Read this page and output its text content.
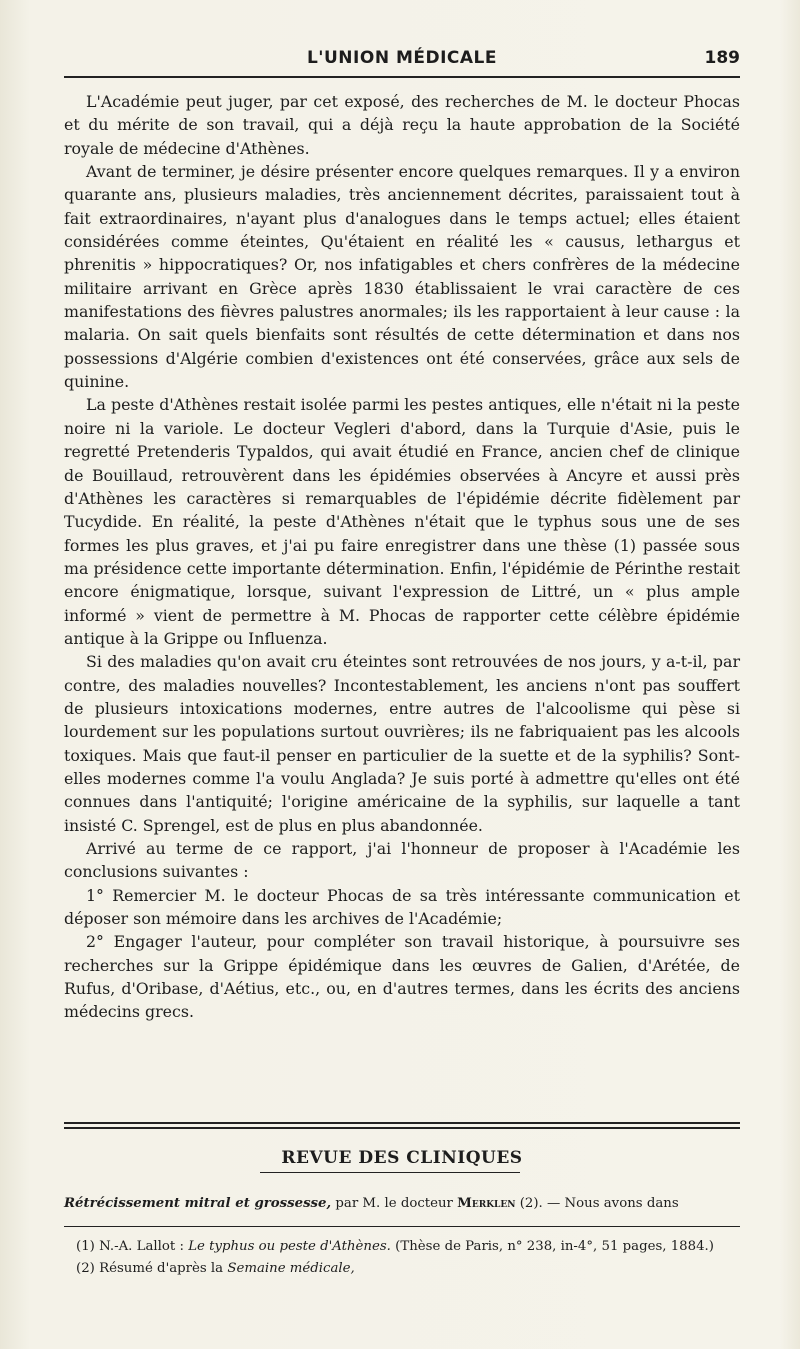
L'UNION MÉDICALE	189

L'Académie peut juger, par cet exposé, des recherches de M. le docteur Phocas et du mérite de son travail, qui a déjà reçu la haute approbation de la Société royale de médecine d'Athènes.

Avant de terminer, je désire présenter encore quelques remarques. Il y a environ quarante ans, plusieurs maladies, très anciennement décrites, paraissaient tout à fait extraordinaires, n'ayant plus d'analogues dans le temps actuel; elles étaient considérées comme éteintes, Qu'étaient en réalité les « causus, lethargus et phrenitis » hippocratiques? Or, nos infatigables et chers confrères de la médecine militaire arrivant en Grèce après 1830 établissaient le vrai caractère de ces manifestations des fièvres palustres anormales; ils les rapportaient à leur cause : la malaria. On sait quels bienfaits sont résultés de cette détermination et dans nos possessions d'Algérie combien d'existences ont été conservées, grâce aux sels de quinine.

La peste d'Athènes restait isolée parmi les pestes antiques, elle n'était ni la peste noire ni la variole. Le docteur Vegleri d'abord, dans la Turquie d'Asie, puis le regretté Pretenderis Typaldos, qui avait étudié en France, ancien chef de clinique de Bouillaud, retrouvèrent dans les épidémies observées à Ancyre et aussi près d'Athènes les caractères si remarquables de l'épidémie décrite fidèlement par Tucydide. En réalité, la peste d'Athènes n'était que le typhus sous une de ses formes les plus graves, et j'ai pu faire enregistrer dans une thèse (1) passée sous ma présidence cette importante détermination. Enfin, l'épidémie de Périnthe restait encore énigmatique, lorsque, suivant l'expression de Littré, un « plus ample informé » vient de permettre à M. Phocas de rapporter cette célèbre épidémie antique à la Grippe ou Influenza.

Si des maladies qu'on avait cru éteintes sont retrouvées de nos jours, y a-t-il, par contre, des maladies nouvelles? Incontestablement, les anciens n'ont pas souffert de plusieurs intoxications modernes, entre autres de l'alcoolisme qui pèse si lourdement sur les populations surtout ouvrières; ils ne fabriquaient pas les alcools toxiques. Mais que faut-il penser en particulier de la suette et de la syphilis? Sont-elles modernes comme l'a voulu Anglada? Je suis porté à admettre qu'elles ont été connues dans l'antiquité; l'origine américaine de la syphilis, sur laquelle a tant insisté C. Sprengel, est de plus en plus abandonnée.

Arrivé au terme de ce rapport, j'ai l'honneur de proposer à l'Académie les conclusions suivantes :

1° Remercier M. le docteur Phocas de sa très intéressante communication et déposer son mémoire dans les archives de l'Académie;

2° Engager l'auteur, pour compléter son travail historique, à poursuivre ses recherches sur la Grippe épidémique dans les œuvres de Galien, d'Arétée, de Rufus, d'Oribase, d'Aétius, etc., ou, en d'autres termes, dans les écrits des anciens médecins grecs.

REVUE DES CLINIQUES
Rétrécissement mitral et grossesse, par M. le docteur Merklen (2). — Nous avons dans

(1) N.-A. Lallot : Le typhus ou peste d'Athènes. (Thèse de Paris, n° 238, in-4°, 51 pages, 1884.)

(2) Résumé d'après la Semaine médicale,
